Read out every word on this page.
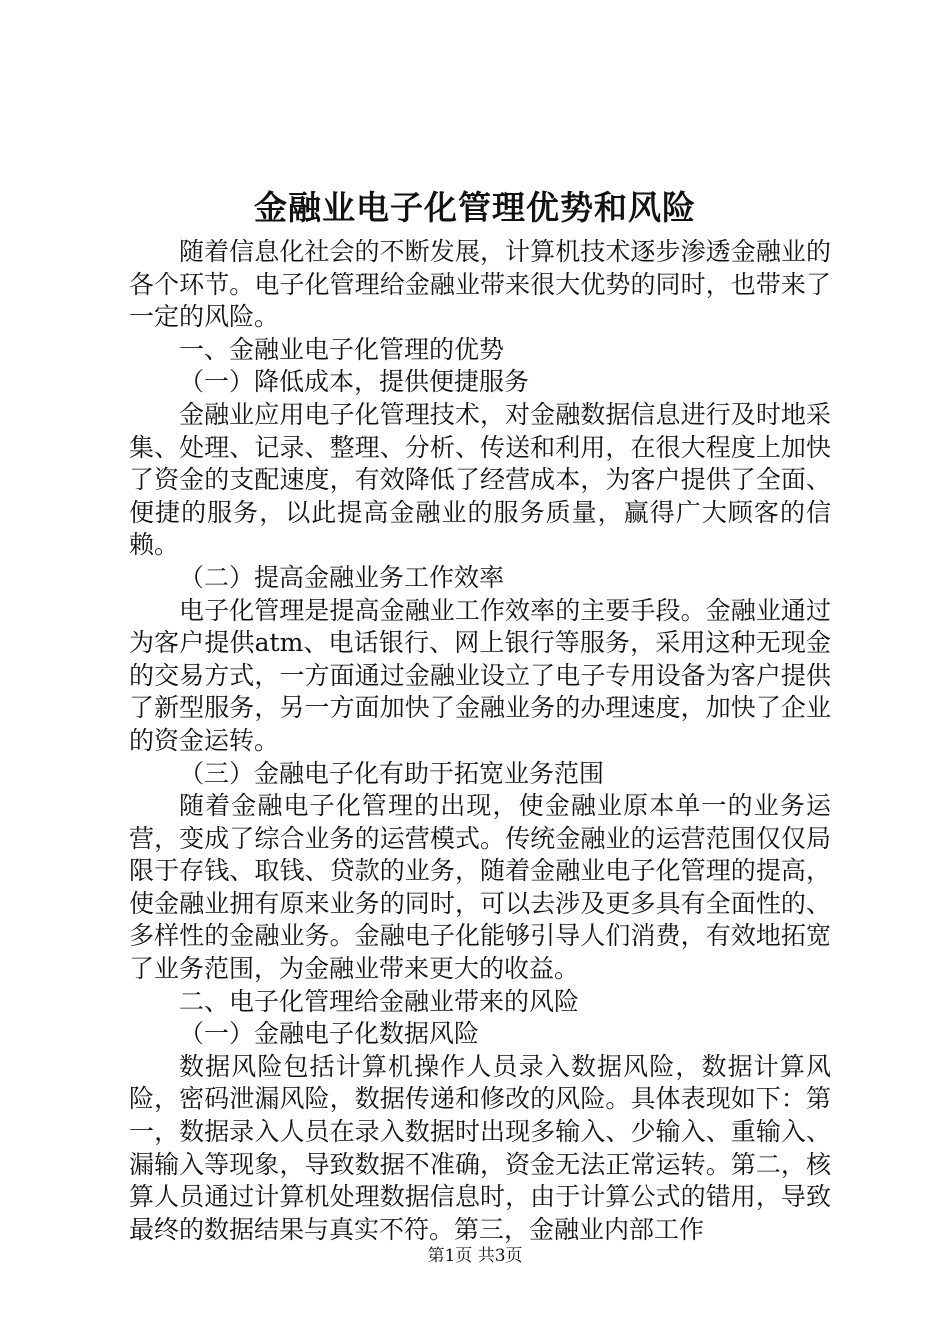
金融业电子化管理优势和风险
随着信息化社会的不断发展，计算机技术逐步渗透金融业的各个环节。电子化管理给金融业带来很大优势的同时，也带来了一定的风险。
一、金融业电子化管理的优势
（一）降低成本，提供便捷服务
金融业应用电子化管理技术，对金融数据信息进行及时地采集、处理、记录、整理、分析、传送和利用，在很大程度上加快了资金的支配速度，有效降低了经营成本，为客户提供了全面、便捷的服务，以此提高金融业的服务质量，赢得广大顾客的信赖。
（二）提高金融业务工作效率
电子化管理是提高金融业工作效率的主要手段。金融业通过为客户提供atm、电话银行、网上银行等服务，采用这种无现金的交易方式，一方面通过金融业设立了电子专用设备为客户提供了新型服务，另一方面加快了金融业务的办理速度，加快了企业的资金运转。
（三）金融电子化有助于拓宽业务范围
随着金融电子化管理的出现，使金融业原本单一的业务运营，变成了综合业务的运营模式。传统金融业的运营范围仅仅局限于存钱、取钱、贷款的业务，随着金融业电子化管理的提高，使金融业拥有原来业务的同时，可以去涉及更多具有全面性的、多样性的金融业务。金融电子化能够引导人们消费，有效地拓宽了业务范围，为金融业带来更大的收益。
二、电子化管理给金融业带来的风险
（一）金融电子化数据风险
数据风险包括计算机操作人员录入数据风险，数据计算风险，密码泄漏风险，数据传递和修改的风险。具体表现如下：第一，数据录入人员在录入数据时出现多输入、少输入、重输入、漏输入等现象，导致数据不准确，资金无法正常运转。第二，核算人员通过计算机处理数据信息时，由于计算公式的错用，导致最终的数据结果与真实不符。第三，金融业内部工作
第1页 共3页
